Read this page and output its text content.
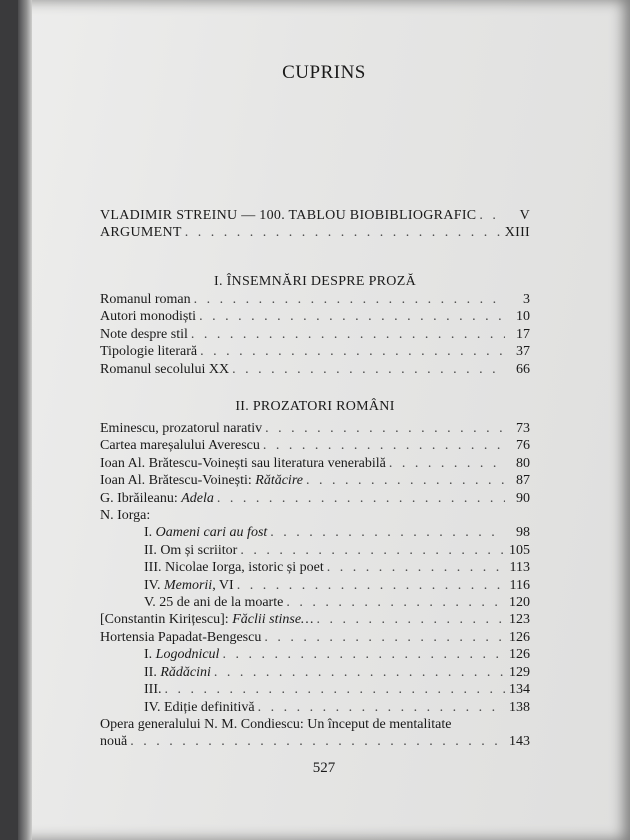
CUPRINS
VLADIMIR STREINU — 100. TABLOU BIOBIBLIOGRAFIC . . .	V
ARGUMENT . . .	XIII
I. ÎNSEMNĂRI DESPRE PROZĂ
Romanul roman . . .	3
Autori monodiști . . .	10
Note despre stil . . .	17
Tipologie literară . . .	37
Romanul secolului XX . . .	66
II. PROZATORI ROMÂNI
Eminescu, prozatorul narativ . . .	73
Cartea mareșalului Averescu . . .	76
Ioan Al. Brătescu-Voinești sau literatura venerabilă . . .	80
Ioan Al. Brătescu-Voinești: Rătăcire . . .	87
G. Ibrăileanu: Adela . . .	90
N. Iorga:
I. Oameni cari au fost . . .	98
II. Om și scriitor . . .	105
III. Nicolae Iorga, istoric și poet . . .	113
IV. Memorii, VI . . .	116
V. 25 de ani de la moarte . . .	120
[Constantin Kirițescu]: Făclii stinse… . . .	123
Hortensia Papadat-Bengescu . . .	126
I. Logodnicul . . .	126
II. Rădăcini . . .	129
III. . . .	134
IV. Ediție definitivă . . .	138
Opera generalului N. M. Condiescu: Un început de mentalitate
nouă . . .	143
527
